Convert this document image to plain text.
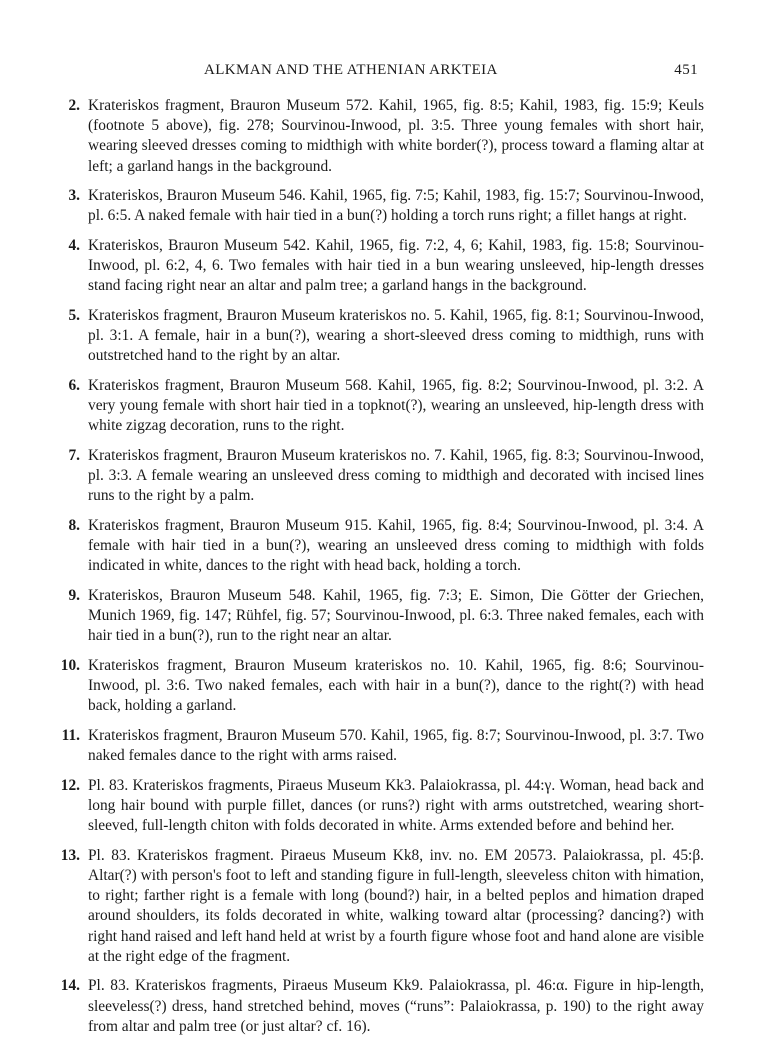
ALKMAN AND THE ATHENIAN ARKTEIA	451
2. Krateriskos fragment, Brauron Museum 572. Kahil, 1965, fig. 8:5; Kahil, 1983, fig. 15:9; Keuls (footnote 5 above), fig. 278; Sourvinou-Inwood, pl. 3:5. Three young females with short hair, wearing sleeved dresses coming to midthigh with white border(?), process toward a flaming altar at left; a garland hangs in the background.
3. Krateriskos, Brauron Museum 546. Kahil, 1965, fig. 7:5; Kahil, 1983, fig. 15:7; Sourvinou-Inwood, pl. 6:5. A naked female with hair tied in a bun(?) holding a torch runs right; a fillet hangs at right.
4. Krateriskos, Brauron Museum 542. Kahil, 1965, fig. 7:2, 4, 6; Kahil, 1983, fig. 15:8; Sourvinou-Inwood, pl. 6:2, 4, 6. Two females with hair tied in a bun wearing unsleeved, hip-length dresses stand facing right near an altar and palm tree; a garland hangs in the background.
5. Krateriskos fragment, Brauron Museum krateriskos no. 5. Kahil, 1965, fig. 8:1; Sourvinou-Inwood, pl. 3:1. A female, hair in a bun(?), wearing a short-sleeved dress coming to midthigh, runs with outstretched hand to the right by an altar.
6. Krateriskos fragment, Brauron Museum 568. Kahil, 1965, fig. 8:2; Sourvinou-Inwood, pl. 3:2. A very young female with short hair tied in a topknot(?), wearing an unsleeved, hip-length dress with white zigzag decoration, runs to the right.
7. Krateriskos fragment, Brauron Museum krateriskos no. 7. Kahil, 1965, fig. 8:3; Sourvinou-Inwood, pl. 3:3. A female wearing an unsleeved dress coming to midthigh and decorated with incised lines runs to the right by a palm.
8. Krateriskos fragment, Brauron Museum 915. Kahil, 1965, fig. 8:4; Sourvinou-Inwood, pl. 3:4. A female with hair tied in a bun(?), wearing an unsleeved dress coming to midthigh with folds indicated in white, dances to the right with head back, holding a torch.
9. Krateriskos, Brauron Museum 548. Kahil, 1965, fig. 7:3; E. Simon, Die Götter der Griechen, Munich 1969, fig. 147; Rühfel, fig. 57; Sourvinou-Inwood, pl. 6:3. Three naked females, each with hair tied in a bun(?), run to the right near an altar.
10. Krateriskos fragment, Brauron Museum krateriskos no. 10. Kahil, 1965, fig. 8:6; Sourvinou-Inwood, pl. 3:6. Two naked females, each with hair in a bun(?), dance to the right(?) with head back, holding a garland.
11. Krateriskos fragment, Brauron Museum 570. Kahil, 1965, fig. 8:7; Sourvinou-Inwood, pl. 3:7. Two naked females dance to the right with arms raised.
12. Pl. 83. Krateriskos fragments, Piraeus Museum Kk3. Palaiokrassa, pl. 44:γ. Woman, head back and long hair bound with purple fillet, dances (or runs?) right with arms outstretched, wearing short-sleeved, full-length chiton with folds decorated in white. Arms extended before and behind her.
13. Pl. 83. Krateriskos fragment. Piraeus Museum Kk8, inv. no. EM 20573. Palaiokrassa, pl. 45:β. Altar(?) with person's foot to left and standing figure in full-length, sleeveless chiton with himation, to right; farther right is a female with long (bound?) hair, in a belted peplos and himation draped around shoulders, its folds decorated in white, walking toward altar (processing? dancing?) with right hand raised and left hand held at wrist by a fourth figure whose foot and hand alone are visible at the right edge of the fragment.
14. Pl. 83. Krateriskos fragments, Piraeus Museum Kk9. Palaiokrassa, pl. 46:α. Figure in hip-length, sleeveless(?) dress, hand stretched behind, moves (“runs”: Palaiokrassa, p. 190) to the right away from altar and palm tree (or just altar? cf. 16).
